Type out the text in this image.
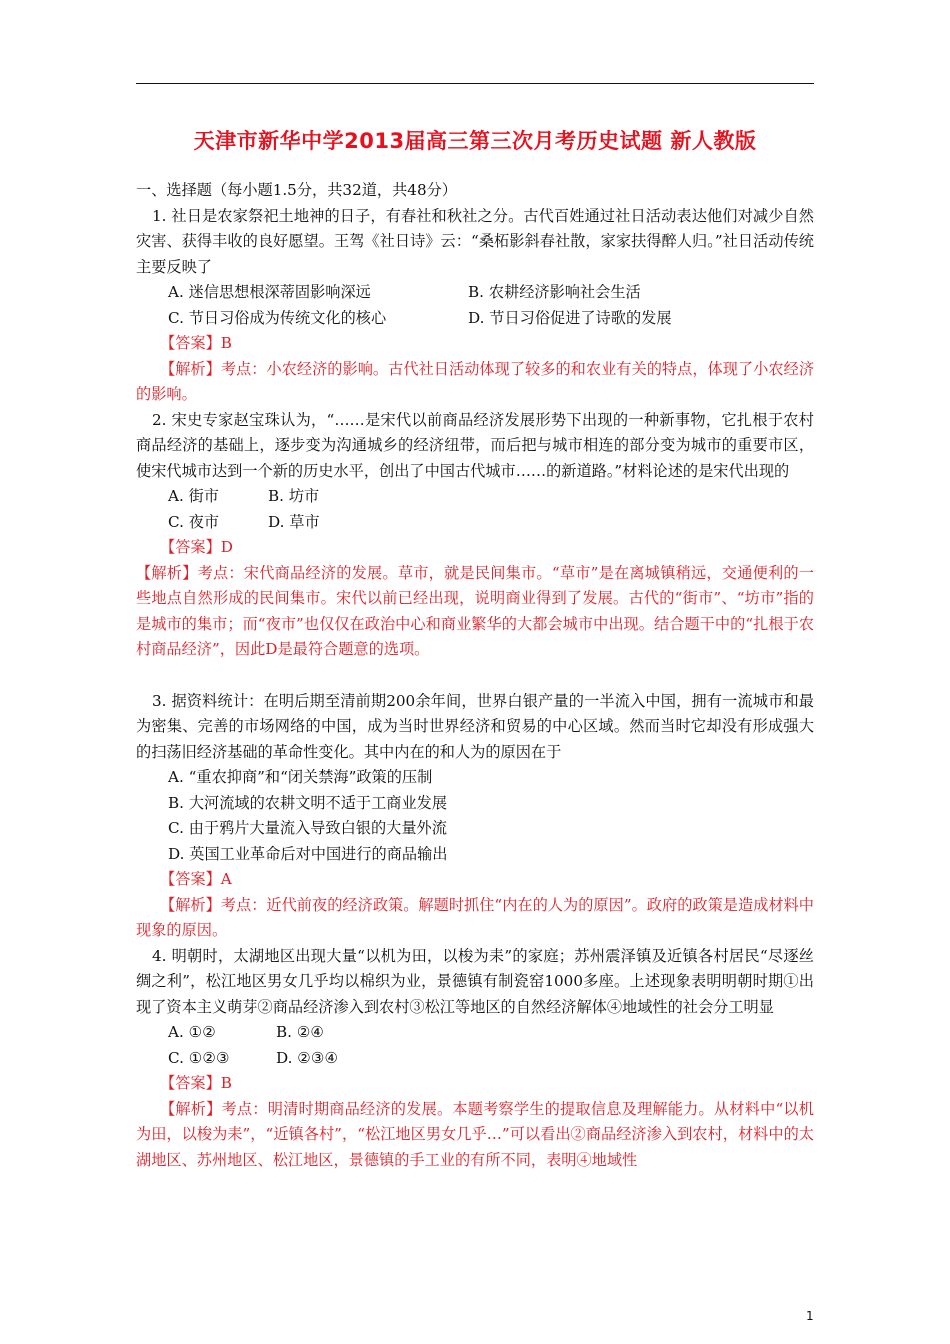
天津市新华中学2013届高三第三次月考历史试题 新人教版

一、选择题（每小题1.5分，共32道，共48分）

1. 社日是农家祭祀土地神的日子，有春社和秋社之分。古代百姓通过社日活动表达他们对减少自然灾害、获得丰收的良好愿望。王驾《社日诗》云：“桑柘影斜春社散，家家扶得醉人归。”社日活动传统主要反映了

A. 迷信思想根深蒂固影响深远	B. 农耕经济影响社会生活
C. 节日习俗成为传统文化的核心	D. 节日习俗促进了诗歌的发展

【答案】B

【解析】考点：小农经济的影响。古代社日活动体现了较多的和农业有关的特点，体现了小农经济的影响。

2. 宋史专家赵宝珠认为，“……是宋代以前商品经济发展形势下出现的一种新事物，它扎根于农村商品经济的基础上，逐步变为沟通城乡的经济纽带，而后把与城市相连的部分变为城市的重要市区，使宋代城市达到一个新的历史水平，创出了中国古代城市……的新道路。”材料论述的是宋代出现的

A. 街市	B. 坊市
C. 夜市	D. 草市

【答案】D

【解析】考点：宋代商品经济的发展。草市，就是民间集市。“草市”是在离城镇稍远，交通便利的一些地点自然形成的民间集市。宋代以前已经出现，说明商业得到了发展。古代的“街市”、“坊市”指的是城市的集市；而“夜市”也仅仅在政治中心和商业繁华的大都会城市中出现。结合题干中的“扎根于农村商品经济”，因此D是最符合题意的选项。

3. 据资料统计：在明后期至清前期200余年间，世界白银产量的一半流入中国，拥有一流城市和最为密集、完善的市场网络的中国，成为当时世界经济和贸易的中心区域。然而当时它却没有形成强大的扫荡旧经济基础的革命性变化。其中内在的和人为的原因在于

A. “重农抑商”和“闭关禁海”政策的压制

B. 大河流域的农耕文明不适于工商业发展

C. 由于鸦片大量流入导致白银的大量外流

D. 英国工业革命后对中国进行的商品输出

【答案】A

【解析】考点：近代前夜的经济政策。解题时抓住“内在的人为的原因”。政府的政策是造成材料中现象的原因。

4. 明朝时，太湖地区出现大量“以机为田，以梭为耒”的家庭；苏州震泽镇及近镇各村居民“尽逐丝绸之利”，松江地区男女几乎均以棉织为业，景德镇有制瓷窑1000多座。上述现象表明明朝时期①出现了资本主义萌芽②商品经济渗入到农村③松江等地区的自然经济解体④地域性的社会分工明显

A. ①②	B. ②④
C. ①②③	D. ②③④

【答案】B

【解析】考点：明清时期商品经济的发展。本题考察学生的提取信息及理解能力。从材料中“以机为田，以梭为耒”，“近镇各村”，“松江地区男女几乎…”可以看出②商品经济渗入到农村，材料中的太湖地区、苏州地区、松江地区，景德镇的手工业的有所不同，表明④地域性

1
